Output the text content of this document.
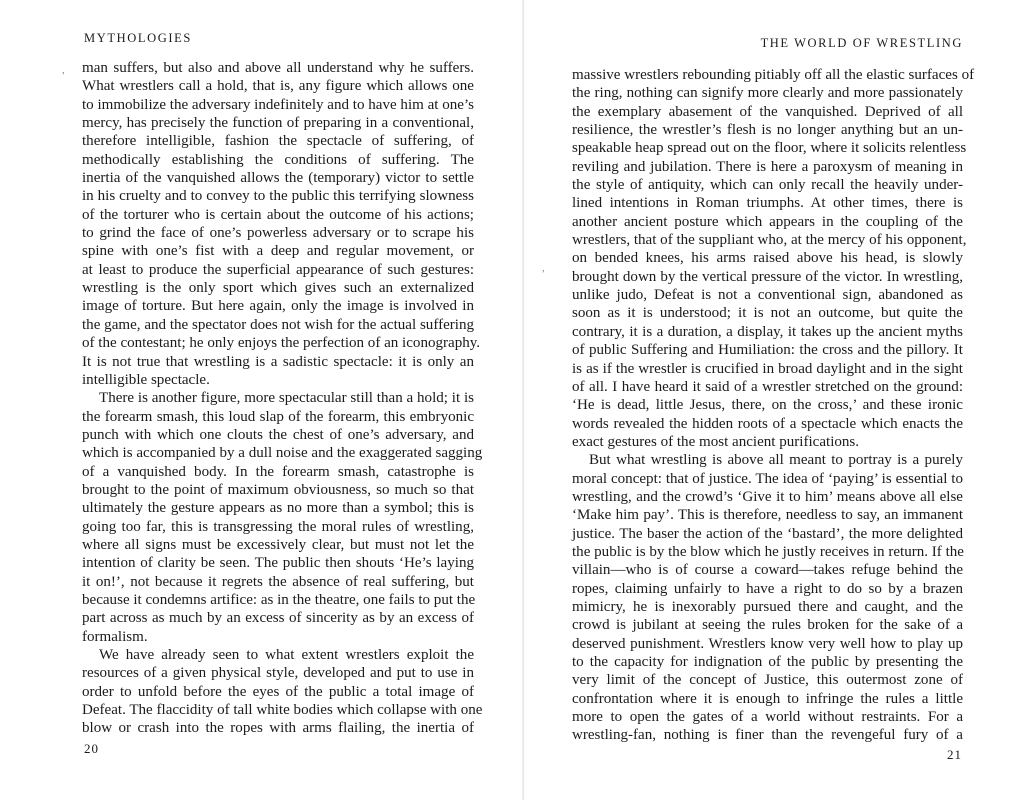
MYTHOLOGIES
, man suffers, but also and above all understand why he suffers.
What wrestlers call a hold, that is, any figure which allows one
to immobilize the adversary indefinitely and to have him at one’s
mercy, has precisely the function of preparing in a conventional,
therefore intelligible, fashion the spectacle of suffering, of
methodically establishing the conditions of suffering. The
inertia of the vanquished allows the (temporary) victor to settle
in his cruelty and to convey to the public this terrifying slowness
of the torturer who is certain about the outcome of his actions;
to grind the face of one’s powerless adversary or to scrape his
spine with one’s fist with a deep and regular movement, or
at least to produce the superficial appearance of such gestures:
wrestling is the only sport which gives such an externalized
image of torture. But here again, only the image is involved in
the game, and the spectator does not wish for the actual suffering
of the contestant; he only enjoys the perfection of an iconography.
It is not true that wrestling is a sadistic spectacle: it is only an
intelligible spectacle.
There is another figure, more spectacular still than a hold; it is
the forearm smash, this loud slap of the forearm, this embryonic
punch with which one clouts the chest of one’s adversary, and
which is accompanied by a dull noise and the exaggerated sagging
of a vanquished body. In the forearm smash, catastrophe is
brought to the point of maximum obviousness, so much so that
ultimately the gesture appears as no more than a symbol; this is
going too far, this is transgressing the moral rules of wrestling,
where all signs must be excessively clear, but must not let the
intention of clarity be seen. The public then shouts ‘He’s laying
it on!’, not because it regrets the absence of real suffering, but
because it condemns artifice: as in the theatre, one fails to put the
part across as much by an excess of sincerity as by an excess of
formalism.
We have already seen to what extent wrestlers exploit the
resources of a given physical style, developed and put to use in
order to unfold before the eyes of the public a total image of
Defeat. The flaccidity of tall white bodies which collapse with one
blow or crash into the ropes with arms flailing, the inertia of
20
THE WORLD OF WRESTLING
,
massive wrestlers rebounding pitiably off all the elastic surfaces of
the ring, nothing can signify more clearly and more passionately
the exemplary abasement of the vanquished. Deprived of all
resilience, the wrestler’s flesh is no longer anything but an un-
speakable heap spread out on the floor, where it solicits relentless
reviling and jubilation. There is here a paroxysm of meaning in
the style of antiquity, which can only recall the heavily under-
lined intentions in Roman triumphs. At other times, there is
another ancient posture which appears in the coupling of the
wrestlers, that of the suppliant who, at the mercy of his opponent,
on bended knees, his arms raised above his head, is slowly
brought down by the vertical pressure of the victor. In wrestling,
unlike judo, Defeat is not a conventional sign, abandoned as
soon as it is understood; it is not an outcome, but quite the
contrary, it is a duration, a display, it takes up the ancient myths
of public Suffering and Humiliation: the cross and the pillory. It
is as if the wrestler is crucified in broad daylight and in the sight
of all. I have heard it said of a wrestler stretched on the ground:
‘He is dead, little Jesus, there, on the cross,’ and these ironic
words revealed the hidden roots of a spectacle which enacts the
exact gestures of the most ancient purifications.
But what wrestling is above all meant to portray is a purely
moral concept: that of justice. The idea of ‘paying’ is essential to
wrestling, and the crowd’s ‘Give it to him’ means above all else
‘Make him pay’. This is therefore, needless to say, an immanent
justice. The baser the action of the ‘bastard’, the more delighted
the public is by the blow which he justly receives in return. If the
villain—who is of course a coward—takes refuge behind the
ropes, claiming unfairly to have a right to do so by a brazen
mimicry, he is inexorably pursued there and caught, and the
crowd is jubilant at seeing the rules broken for the sake of a
deserved punishment. Wrestlers know very well how to play up
to the capacity for indignation of the public by presenting the
very limit of the concept of Justice, this outermost zone of
confrontation where it is enough to infringe the rules a little
more to open the gates of a world without restraints. For a
wrestling-fan, nothing is finer than the revengeful fury of a
21
